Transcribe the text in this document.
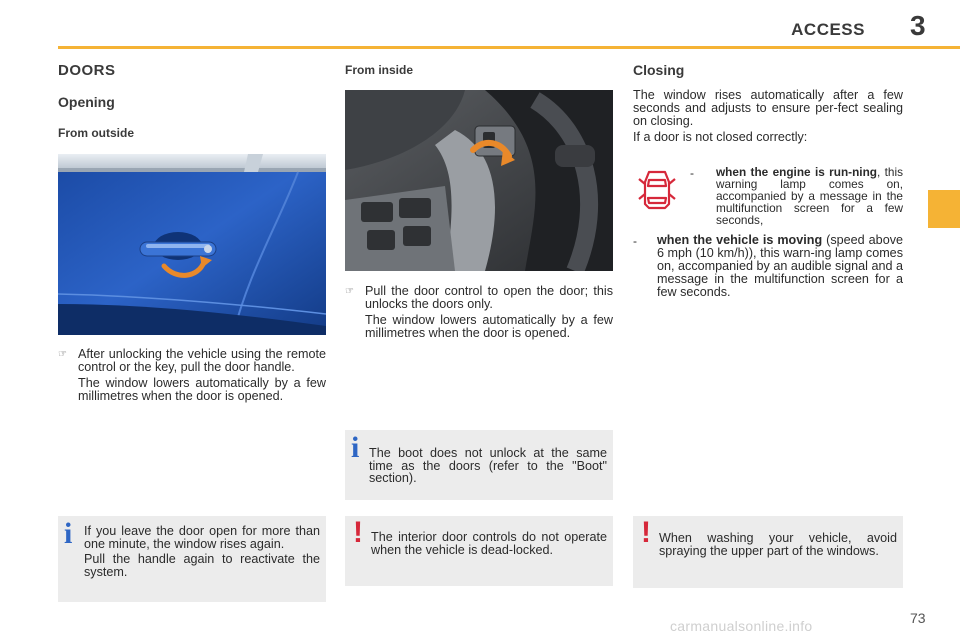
ACCESS 3
DOORS
Opening
From outside
☞ After unlocking the vehicle using the remote control or the key, pull the door handle.

The window lowers automatically by a few millimetres when the door is opened.

i If you leave the door open for more than one minute, the window rises again.

Pull the handle again to reactivate the system.

From inside
☞ Pull the door control to open the door; this unlocks the doors only.

The window lowers automatically by a few millimetres when the door is opened.

i The boot does not unlock at the same time as the doors (refer to the "Boot" section).

! The interior door controls do not operate when the vehicle is dead-locked.

Closing

The window rises automatically after a few seconds and adjusts to ensure per-fect sealing on closing.

If a door is not closed correctly:

-	when the engine is run-ning, this warning lamp comes on, accompanied by a message in the multifunction screen for a few seconds,

-	when the vehicle is moving (speed above 6 mph (10 km/h)), this warn-ing lamp comes on, accompanied by an audible signal and a message in the multifunction screen for a few seconds.

! When washing your vehicle, avoid spraying the upper part of the windows.

73
carmanualsonline.info
